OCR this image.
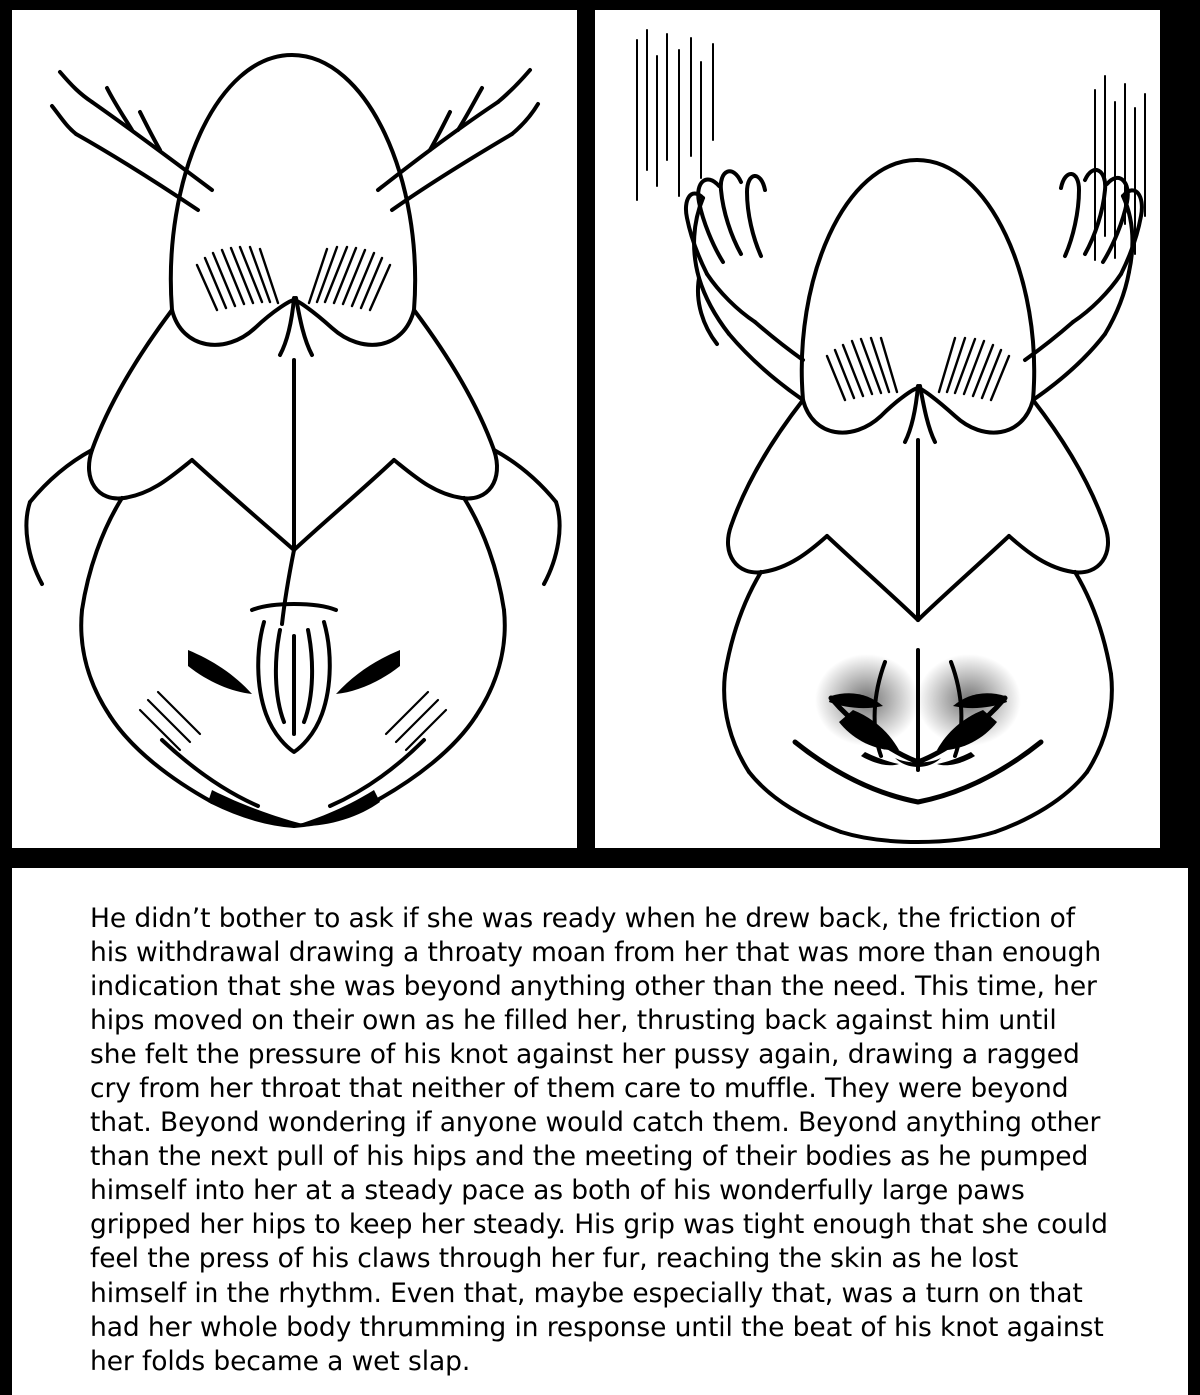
He didn’t bother to ask if she was ready when he drew back, the friction of his withdrawal drawing a throaty moan from her that was more than enough indication that she was beyond anything other than the need. This time, her hips moved on their own as he filled her, thrusting back against him until she felt the pressure of his knot against her pussy again, drawing a ragged cry from her throat that neither of them care to muffle. They were beyond that. Beyond wondering if anyone would catch them. Beyond anything other than the next pull of his hips and the meeting of their bodies as he pumped himself into her at a steady pace as both of his wonderfully large paws gripped her hips to keep her steady. His grip was tight enough that she could feel the press of his claws through her fur, reaching the skin as he lost himself in the rhythm. Even that, maybe especially that, was a turn on that had her whole body thrumming in response until the beat of his knot against her folds became a wet slap.
